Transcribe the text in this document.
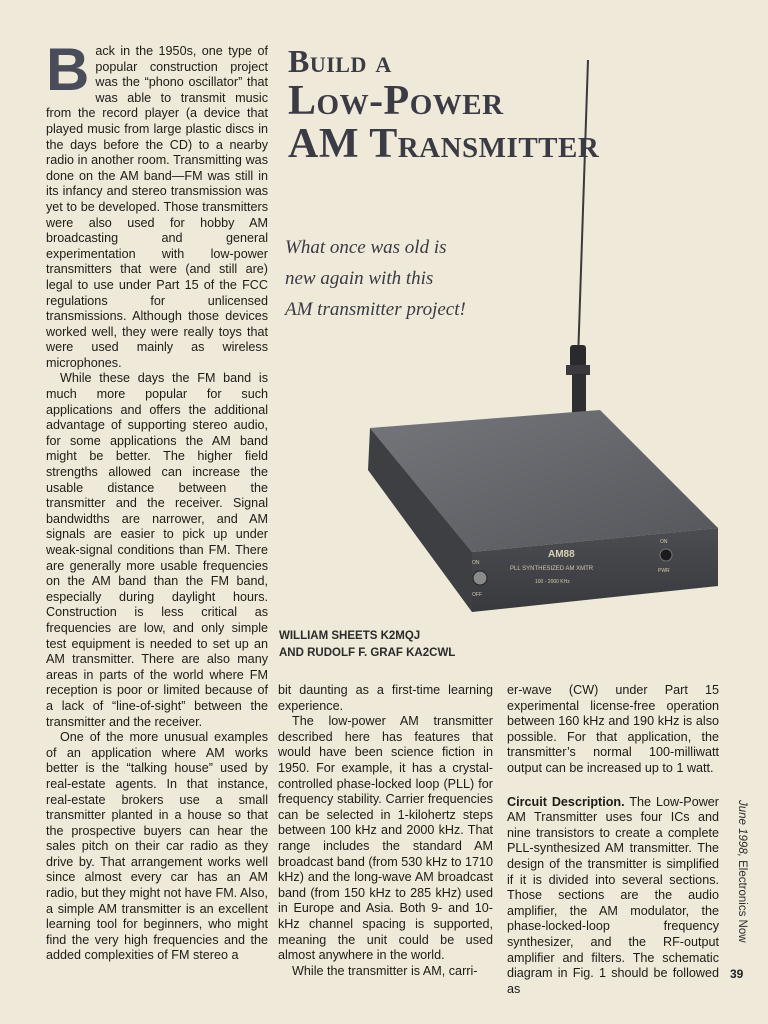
Back in the 1950s, one type of popular construction project was the “phono oscillator” that was able to transmit music from the record player (a device that played music from large plastic discs in the days before the CD) to a nearby radio in another room. Transmitting was done on the AM band—FM was still in its infancy and stereo transmission was yet to be developed. Those transmitters were also used for hobby AM broadcasting and general experimentation with low-power transmitters that were (and still are) legal to use under Part 15 of the FCC regulations for unlicensed transmissions. Although those devices worked well, they were really toys that were used mainly as wireless microphones.

While these days the FM band is much more popular for such applications and offers the additional advantage of supporting stereo audio, for some applications the AM band might be better. The higher field strengths allowed can increase the usable distance between the transmitter and the receiver. Signal bandwidths are narrower, and AM signals are easier to pick up under weak-signal conditions than FM. There are generally more usable frequencies on the AM band than the FM band, especially during daylight hours. Construction is less critical as frequencies are low, and only simple test equipment is needed to set up an AM transmitter. There are also many areas in parts of the world where FM reception is poor or limited because of a lack of “line-of-sight” between the transmitter and the receiver.

One of the more unusual examples of an application where AM works better is the “talking house” used by real-estate agents. In that instance, real-estate brokers use a small transmitter planted in a house so that the prospective buyers can hear the sales pitch on their car radio as they drive by. That arrangement works well since almost every car has an AM radio, but they might not have FM. Also, a simple AM transmitter is an excellent learning tool for beginners, who might find the very high frequencies and the added complexities of FM stereo a

Build a
Low-Power
AM Transmitter
What once was old is
new again with this
AM transmitter project!
AM88
PLL SYNTHESIZED AM XMTR
100 - 2000 KHz
ON
OFF
ON
PWR
WILLIAM SHEETS K2MQJ
AND RUDOLF F. GRAF KA2CWL

bit daunting as a first-time learning experience.

The low-power AM transmitter described here has features that would have been science fiction in 1950. For example, it has a crystal-controlled phase-locked loop (PLL) for frequency stability. Carrier frequencies can be selected in 1-kilohertz steps between 100 kHz and 2000 kHz. That range includes the standard AM broadcast band (from 530 kHz to 1710 kHz) and the long-wave AM broadcast band (from 150 kHz to 285 kHz) used in Europe and Asia. Both 9- and 10-kHz channel spacing is supported, meaning the unit could be used almost anywhere in the world.

While the transmitter is AM, carri-

er-wave (CW) under Part 15 experimental license-free operation between 160 kHz and 190 kHz is also possible. For that application, the transmitter’s normal 100-milliwatt output can be increased up to 1 watt.

Circuit Description. The Low-Power AM Transmitter uses four ICs and nine transistors to create a complete PLL-synthesized AM transmitter. The design of the transmitter is simplified if it is divided into several sections. Those sections are the audio amplifier, the AM modulator, the phase-locked-loop frequency synthesizer, and the RF-output amplifier and filters. The schematic diagram in Fig. 1 should be followed as

June 1998, Electronics Now
39
